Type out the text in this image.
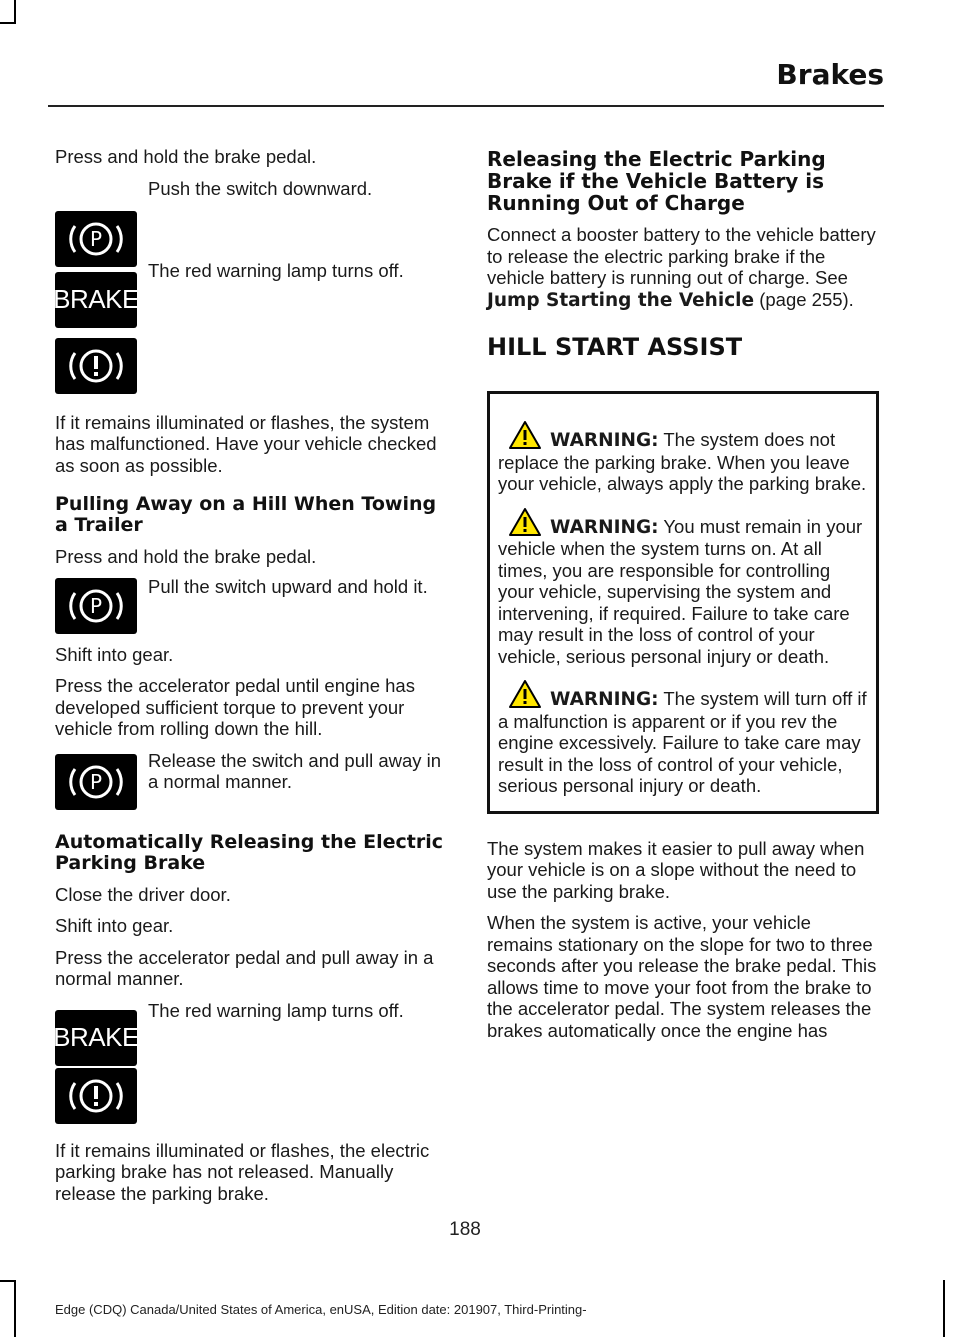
Brakes

Press and hold the brake pedal.

P

Push the switch downward.

BRAKE

The red warning lamp turns off.

If it remains illuminated or flashes, the system has malfunctioned. Have your vehicle checked as soon as possible.

Pulling Away on a Hill When Towing a Trailer

Press and hold the brake pedal.

P

Pull the switch upward and hold it.

Shift into gear.

Press the accelerator pedal until engine has developed sufficient torque to prevent your vehicle from rolling down the hill.

P

Release the switch and pull away in a normal manner.

Automatically Releasing the Electric Parking Brake

Close the driver door.

Shift into gear.

Press the accelerator pedal and pull away in a normal manner.

BRAKE

The red warning lamp turns off.

If it remains illuminated or flashes, the electric parking brake has not released. Manually release the parking brake.

Releasing the Electric Parking Brake if the Vehicle Battery is Running Out of Charge

Connect a booster battery to the vehicle battery to release the electric parking brake if the vehicle battery is running out of charge. See Jump Starting the Vehicle (page 255).

HILL START ASSIST

WARNING: The system does not replace the parking brake. When you leave your vehicle, always apply the parking brake.

WARNING: You must remain in your vehicle when the system turns on. At all times, you are responsible for controlling your vehicle, supervising the system and intervening, if required. Failure to take care may result in the loss of control of your vehicle, serious personal injury or death.

WARNING: The system will turn off if a malfunction is apparent or if you rev the engine excessively. Failure to take care may result in the loss of control of your vehicle, serious personal injury or death.

The system makes it easier to pull away when your vehicle is on a slope without the need to use the parking brake.

When the system is active, your vehicle remains stationary on the slope for two to three seconds after you release the brake pedal. This allows time to move your foot from the brake to the accelerator pedal. The system releases the brakes automatically once the engine has

188
Edge (CDQ) Canada/United States of America, enUSA, Edition date: 201907, Third-Printing-
